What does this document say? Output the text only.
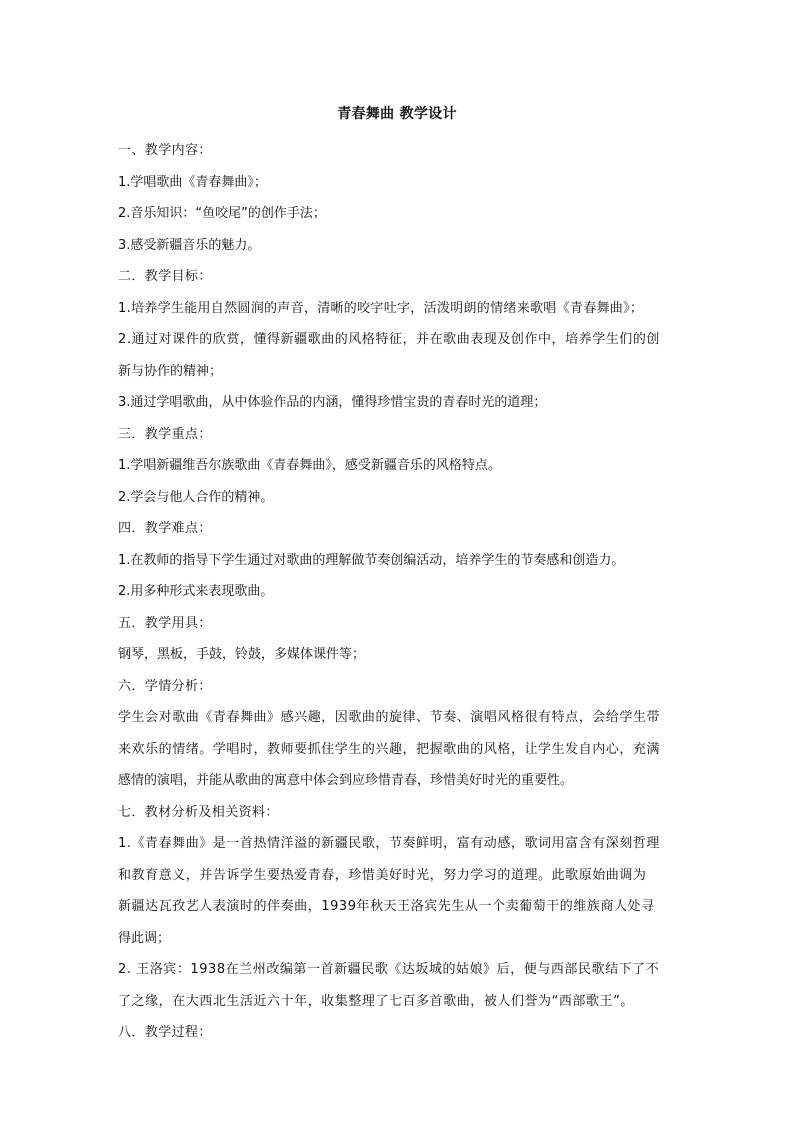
青春舞曲 教学设计
一、教学内容：
1.学唱歌曲《青春舞曲》；
2.音乐知识：“鱼咬尾”的创作手法；
3.感受新疆音乐的魅力。
二．教学目标：
1.培养学生能用自然圆润的声音，清晰的咬字吐字，活泼明朗的情绪来歌唱《青春舞曲》；
2.通过对课件的欣赏，懂得新疆歌曲的风格特征，并在歌曲表现及创作中，培养学生们的创
新与协作的精神；
3.通过学唱歌曲，从中体验作品的内涵，懂得珍惜宝贵的青春时光的道理；
三．教学重点：
1.学唱新疆维吾尔族歌曲《青春舞曲》，感受新疆音乐的风格特点。
2.学会与他人合作的精神。
四．教学难点：
1.在教师的指导下学生通过对歌曲的理解做节奏创编活动，培养学生的节奏感和创造力。
2.用多种形式来表现歌曲。
五．教学用具：
钢琴，黑板，手鼓，铃鼓，多媒体课件等；
六．学情分析：
学生会对歌曲《青春舞曲》感兴趣，因歌曲的旋律、节奏、演唱风格很有特点，会给学生带
来欢乐的情绪。学唱时，教师要抓住学生的兴趣，把握歌曲的风格，让学生发自内心，充满
感情的演唱，并能从歌曲的寓意中体会到应珍惜青春，珍惜美好时光的重要性。
七．教材分析及相关资料：
1.《青春舞曲》是一首热情洋溢的新疆民歌，节奏鲜明，富有动感，歌词用富含有深刻哲理
和教育意义，并告诉学生要热爱青春，珍惜美好时光，努力学习的道理。此歌原始曲调为
新疆达瓦孜艺人表演时的伴奏曲，1939年秋天王洛宾先生从一个卖葡萄干的维族商人处寻
得此调；
2. 王洛宾：1938在兰州改编第一首新疆民歌《达坂城的姑娘》后，便与西部民歌结下了不
了之缘，在大西北生活近六十年，收集整理了七百多首歌曲，被人们誉为“西部歌王”。
八．教学过程：
